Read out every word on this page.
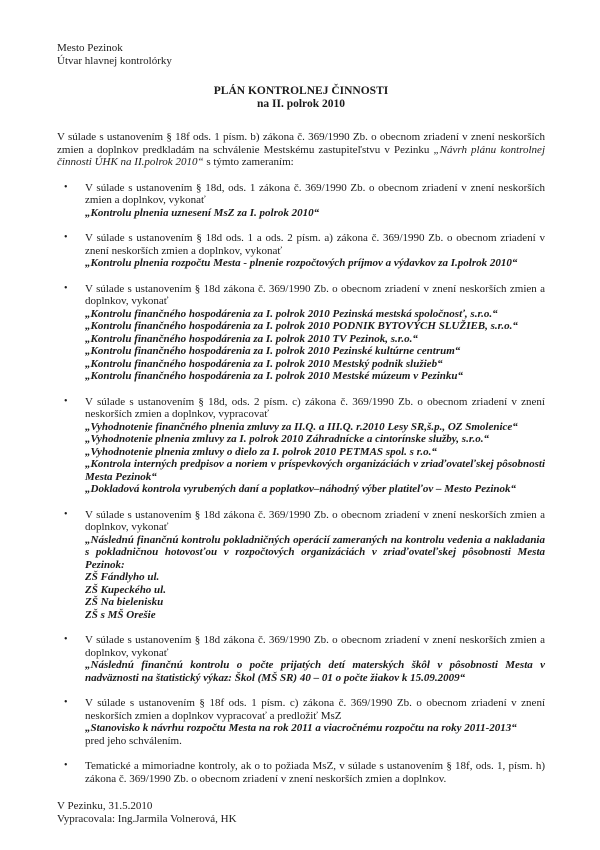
Mesto Pezinok
Útvar hlavnej kontrolórky
PLÁN KONTROLNEJ ČINNOSTI
na II. polrok 2010

V súlade s ustanovením § 18f ods. 1 písm. b) zákona č. 369/1990 Zb. o obecnom zriadení v znení neskorších zmien a doplnkov predkladám na schválenie Mestskému zastupiteľstvu v Pezinku „Návrh plánu kontrolnej činnosti ÚHK na II.polrok 2010“ s týmto zameraním:

•	V súlade s ustanovením § 18d, ods. 1 zákona č. 369/1990 Zb. o obecnom zriadení v znení neskorších zmien a doplnkov, vykonať
„Kontrolu plnenia uznesení MsZ za I. polrok 2010“
•	V súlade s ustanovením § 18d ods. 1 a ods. 2 písm. a) zákona č. 369/1990 Zb. o obecnom zriadení v znení neskorších zmien a doplnkov, vykonať
„Kontrolu plnenia rozpočtu Mesta - plnenie rozpočtových príjmov a výdavkov za I.polrok 2010“
•	V súlade s ustanovením § 18d zákona č. 369/1990 Zb. o obecnom zriadení v znení neskorších zmien a doplnkov, vykonať
„Kontrolu finančného hospodárenia za I. polrok 2010 Pezinská mestská spoločnosť, s.r.o.“
„Kontrolu finančného hospodárenia za I. polrok 2010 PODNIK BYTOVÝCH SLUŽIEB, s.r.o.“
„Kontrolu finančného hospodárenia za I. polrok 2010 TV Pezinok, s.r.o.“
„Kontrolu finančného hospodárenia za I. polrok 2010 Pezinské kultúrne centrum“
„Kontrolu finančného hospodárenia za I. polrok 2010 Mestský podnik služieb“
„Kontrolu finančného hospodárenia za I. polrok 2010 Mestské múzeum v Pezinku“
•	V súlade s ustanovením § 18d, ods. 2 písm. c) zákona č. 369/1990 Zb. o obecnom zriadení v znení neskorších zmien a doplnkov, vypracovať
„Vyhodnotenie finančného plnenia zmluvy za II.Q. a III.Q. r.2010 Lesy SR,š.p., OZ Smolenice“
„Vyhodnotenie plnenia zmluvy za I. polrok 2010 Záhradnícke a cintorínske služby, s.r.o.“
„Vyhodnotenie plnenia zmluvy o dielo za I. polrok 2010 PETMAS spol. s r.o.“
„Kontrola interných predpisov a noriem v príspevkových organizáciách v zriaďovateľskej pôsobnosti Mesta Pezinok“
„Dokladová kontrola vyrubených daní a poplatkov–náhodný výber platiteľov – Mesto Pezinok“
•	V súlade s ustanovením § 18d zákona č. 369/1990 Zb. o obecnom zriadení v znení neskorších zmien a doplnkov, vykonať
„Následnú finančnú kontrolu pokladničných operácií zameraných na kontrolu vedenia a nakladania s pokladničnou hotovosťou v rozpočtových organizáciách v zriaďovateľskej pôsobnosti Mesta Pezinok:
ZŠ Fándlyho ul.
ZŠ Kupeckého ul.
ZŠ Na bielenisku
ZŠ s MŠ Orešie
•	V súlade s ustanovením § 18d zákona č. 369/1990 Zb. o obecnom zriadení v znení neskorších zmien a doplnkov, vykonať
„Následnú finančnú kontrolu o počte prijatých detí materských škôl v pôsobnosti Mesta v nadväznosti na štatistický výkaz: Škol (MŠ SR) 40 – 01 o počte žiakov k 15.09.2009“
•	V súlade s ustanovením § 18f ods. 1 písm. c) zákona č. 369/1990 Zb. o obecnom zriadení v znení neskorších zmien a doplnkov vypracovať a predložiť MsZ
„Stanovisko k návrhu rozpočtu Mesta na rok 2011 a viacročnému rozpočtu na roky 2011-2013“
pred jeho schválením.
•	Tematické a mimoriadne kontroly, ak o to požiada MsZ, v súlade s ustanovením § 18f, ods. 1, písm. h) zákona č. 369/1990 Zb. o obecnom zriadení v znení neskorších zmien a doplnkov.
V Pezinku, 31.5.2010
Vypracovala: Ing.Jarmila Volnerová, HK
